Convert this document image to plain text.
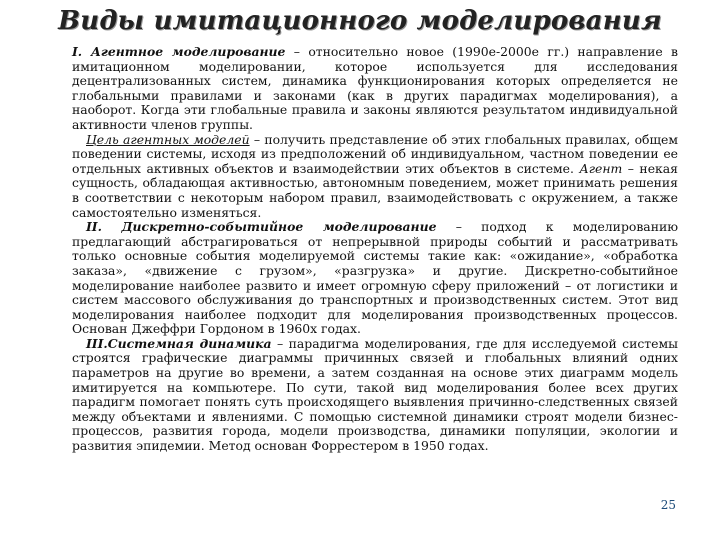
Виды имитационного моделирования

I. Агентное моделирование – относительно новое (1990е-2000е гг.) направление в имитационном моделировании, которое используется для исследования децентрализованных систем, динамика функционирования которых определяется не глобальными правилами и законами (как в других парадигмах моделирования), а наоборот. Когда эти глобальные правила и законы являются результатом индивидуальной активности членов группы.

Цель агентных моделей – получить представление об этих глобальных правилах, общем поведении системы, исходя из предположений об индивидуальном, частном поведении ее отдельных активных объектов и взаимодействии этих объектов в системе. Агент – некая сущность, обладающая активностью, автономным поведением, может принимать решения в соответствии с некоторым набором правил, взаимодействовать с окружением, а также самостоятельно изменяться.

II. Дискретно-событийное моделирование – подход к моделированию предлагающий абстрагироваться от непрерывной природы событий и рассматривать только основные события моделируемой системы такие как: «ожидание», «обработка заказа», «движение с грузом», «разгрузка» и другие. Дискретно-событийное моделирование наиболее развито и имеет огромную сферу приложений – от логистики и систем массового обслуживания до транспортных и производственных систем. Этот вид моделирования наиболее подходит для моделирования производственных процессов. Основан Джеффри Гордоном в 1960х годах.

III.Системная динамика – парадигма моделирования, где для исследуемой системы строятся графические диаграммы причинных связей и глобальных влияний одних параметров на другие во времени, а затем созданная на основе этих диаграмм модель имитируется на компьютере. По сути, такой вид моделирования более всех других парадигм помогает понять суть происходящего выявления причинно-следственных связей между объектами и явлениями. С помощью системной динамики строят модели бизнес-процессов, развития города, модели производства, динамики популяции, экологии и развития эпидемии. Метод основан Форрестером в 1950 годах.

25
